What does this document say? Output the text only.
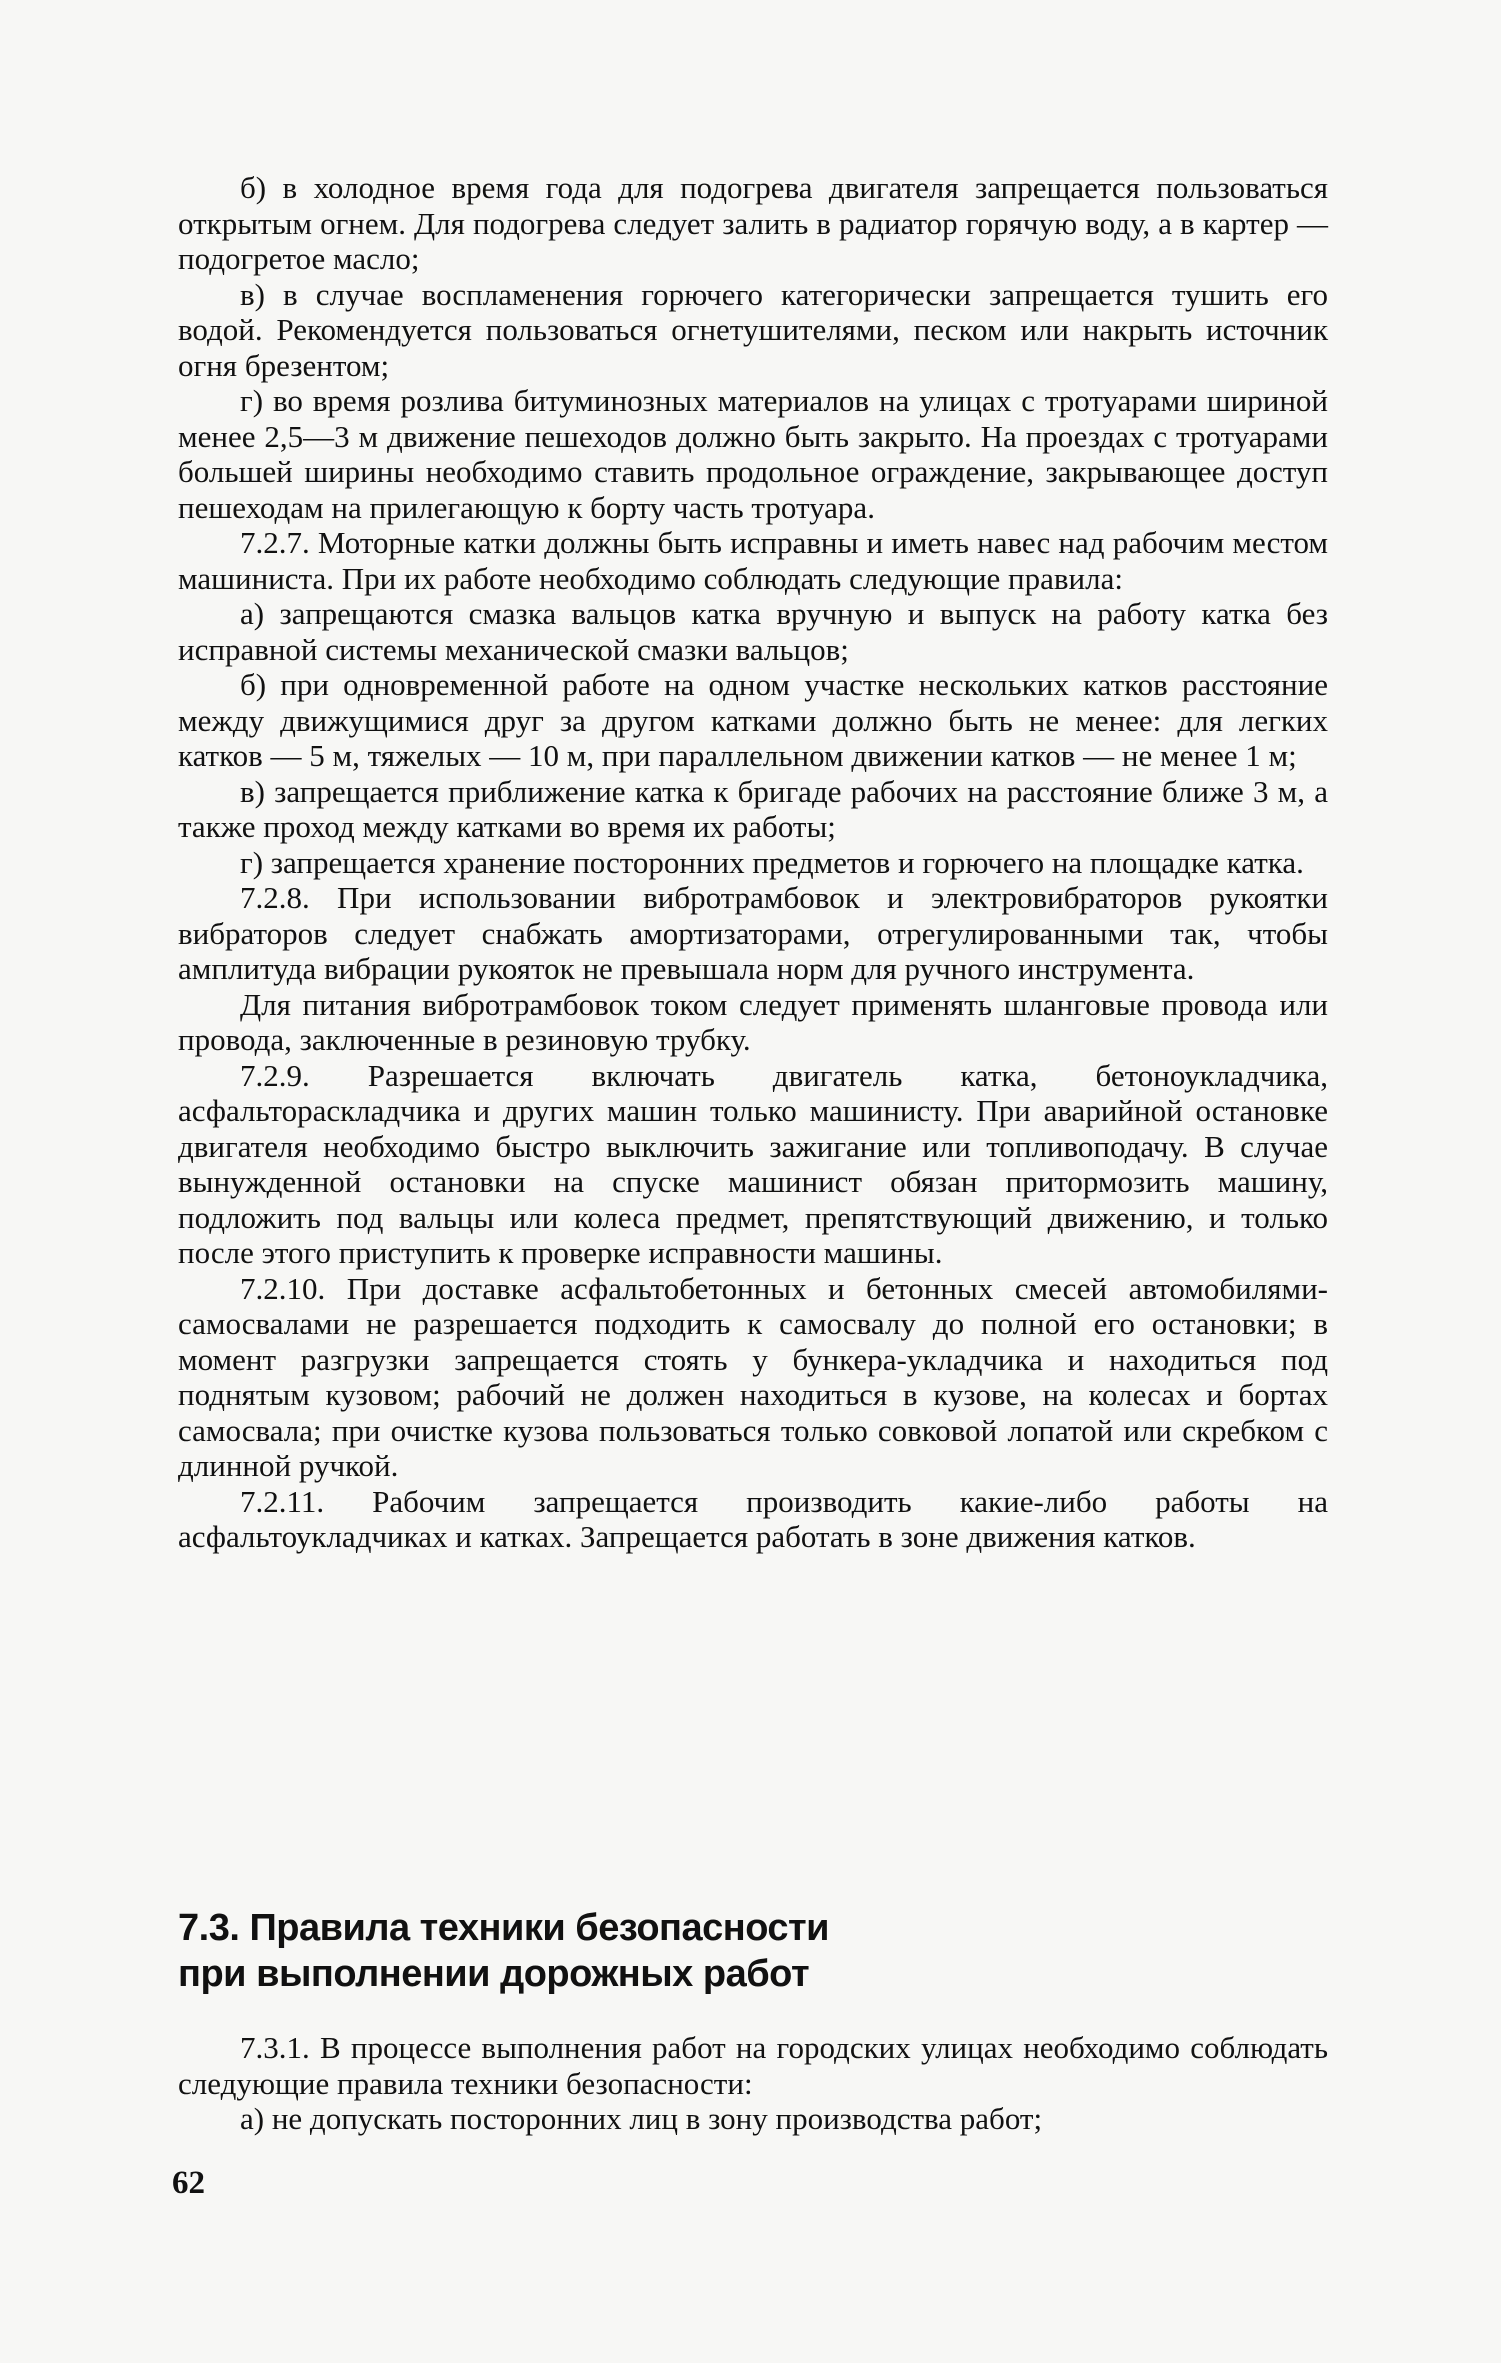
б) в холодное время года для подогрева двигателя запрещается пользоваться открытым огнем. Для подогрева следует залить в радиатор горячую воду, а в картер — подогретое масло;

в) в случае воспламенения горючего категорически запрещается тушить его водой. Рекомендуется пользоваться огнетушителями, песком или накрыть источник огня брезентом;

г) во время розлива битуминозных материалов на улицах с тротуарами шириной менее 2,5—3 м движение пешеходов должно быть закрыто. На проездах с тротуарами большей ширины необходимо ставить продольное ограждение, закрывающее доступ пешеходам на прилегающую к борту часть тротуара.

7.2.7. Моторные катки должны быть исправны и иметь навес над рабочим местом машиниста. При их работе необходимо соблюдать следующие правила:

а) запрещаются смазка вальцов катка вручную и выпуск на работу катка без исправной системы механической смазки вальцов;

б) при одновременной работе на одном участке нескольких катков расстояние между движущимися друг за другом катками должно быть не менее: для легких катков — 5 м, тяжелых — 10 м, при параллельном движении катков — не менее 1 м;

в) запрещается приближение катка к бригаде рабочих на расстояние ближе 3 м, а также проход между катками во время их работы;

г) запрещается хранение посторонних предметов и горючего на площадке катка.

7.2.8. При использовании вибротрамбовок и электровибраторов рукоятки вибраторов следует снабжать амортизаторами, отрегулированными так, чтобы амплитуда вибрации рукояток не превышала норм для ручного инструмента.

Для питания вибротрамбовок током следует применять шланговые провода или провода, заключенные в резиновую трубку.

7.2.9. Разрешается включать двигатель катка, бетоноукладчика, асфальтораскладчика и других машин только машинисту. При аварийной остановке двигателя необходимо быстро выключить зажигание или топливоподачу. В случае вынужденной остановки на спуске машинист обязан притормозить машину, подложить под вальцы или колеса предмет, препятствующий движению, и только после этого приступить к проверке исправности машины.

7.2.10. При доставке асфальтобетонных и бетонных смесей автомобилями-самосвалами не разрешается подходить к самосвалу до полной его остановки; в момент разгрузки запрещается стоять у бункера-укладчика и находиться под поднятым кузовом; рабочий не должен находиться в кузове, на колесах и бортах самосвала; при очистке кузова пользоваться только совковой лопатой или скребком с длинной ручкой.

7.2.11. Рабочим запрещается производить какие-либо работы на асфальтоукладчиках и катках. Запрещается работать в зоне движения катков.

7.3. Правила техники безопасности
при выполнении дорожных работ

7.3.1. В процессе выполнения работ на городских улицах необходимо соблюдать следующие правила техники безопасности:

а) не допускать посторонних лиц в зону производства работ;

62
